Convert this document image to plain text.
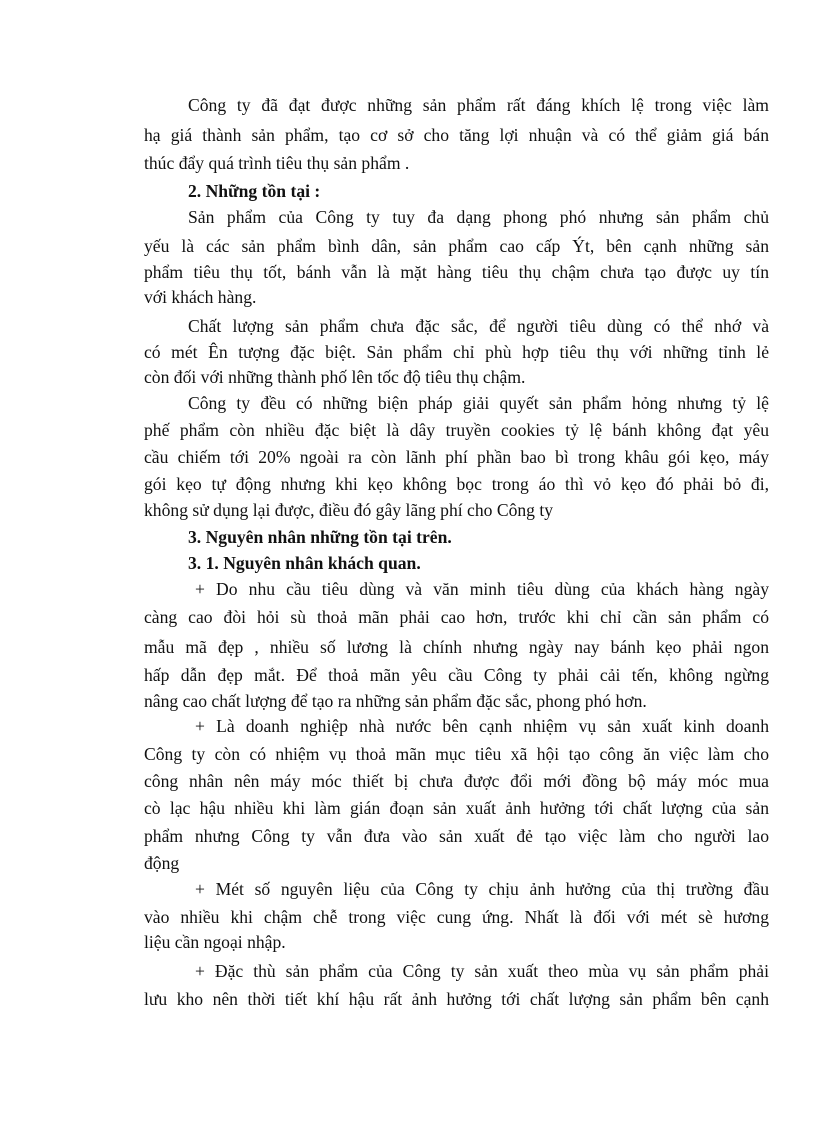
Công ty đã đạt được những sản phẩm rất đáng khích lệ trong việc làm
hạ giá thành sản phẩm, tạo cơ sở cho tăng lợi nhuận và có thể giảm giá bán
thúc đẩy quá trình tiêu thụ sản phẩm .
2. Những tồn tại :
Sản phẩm của Công ty tuy đa dạng phong phó nhưng sản phẩm chủ
yếu là các sản phẩm bình dân, sản phẩm cao cấp Ýt, bên cạnh những sản
phẩm tiêu thụ tốt, bánh vẫn là mặt hàng tiêu thụ chậm chưa tạo được uy tín
với khách hàng.
Chất lượng sản phẩm chưa đặc sắc, để người tiêu dùng có thể nhớ và
có mét Ên tượng đặc biệt. Sản phẩm chỉ phù hợp tiêu thụ với những tỉnh lẻ
còn đối với những thành phố lên tốc độ tiêu thụ chậm.
Công ty đều có những biện pháp giải quyết sản phẩm hỏng nhưng tỷ lệ
phế phẩm còn nhiều đặc biệt là dây truyền cookies tỷ lệ bánh không đạt yêu
cầu chiếm tới 20% ngoài ra còn lãnh phí phần bao bì trong khâu gói kẹo, máy
gói kẹo tự động nhưng khi kẹo không bọc trong áo thì vỏ kẹo đó phải bỏ đi,
không sử dụng lại được, điều đó gây lãng phí cho Công ty
3. Nguyên nhân những tồn tại trên.
3. 1. Nguyên nhân khách quan.
+ Do nhu cầu tiêu dùng và văn minh tiêu dùng của khách hàng ngày
càng cao đòi hỏi sù thoả mãn phải cao hơn, trước khi chỉ cần sản phẩm có
mẫu mã đẹp , nhiều số lương là chính nhưng ngày nay bánh kẹo phải ngon
hấp dẫn đẹp mắt. Để thoả mãn yêu cầu Công ty phải cải tến, không ngừng
nâng cao chất lượng để tạo ra những sản phẩm đặc sắc, phong phó hơn.
+ Là doanh nghiệp nhà nước bên cạnh nhiệm vụ sản xuất kinh doanh
Công ty còn có nhiệm vụ thoả mãn mục tiêu xã hội tạo công ăn việc làm cho
công nhân nên máy móc thiết bị chưa được đổi mới đồng bộ máy móc mua
cò lạc hậu nhiều khi làm gián đoạn sản xuất ảnh hưởng tới chất lượng của sản
phẩm nhưng Công ty vẫn đưa vào sản xuất đẻ tạo việc làm cho người lao
động
+ Mét số nguyên liệu của Công ty chịu ảnh hưởng của thị trường đầu
vào nhiều khi chậm chễ trong việc cung ứng. Nhất là đối với mét sè hương
liệu cần ngoại nhập.
+ Đặc thù sản phẩm của Công ty sản xuất theo mùa vụ sản phẩm phải
lưu kho nên thời tiết khí hậu rất ảnh hưởng tới chất lượng sản phẩm bên cạnh
